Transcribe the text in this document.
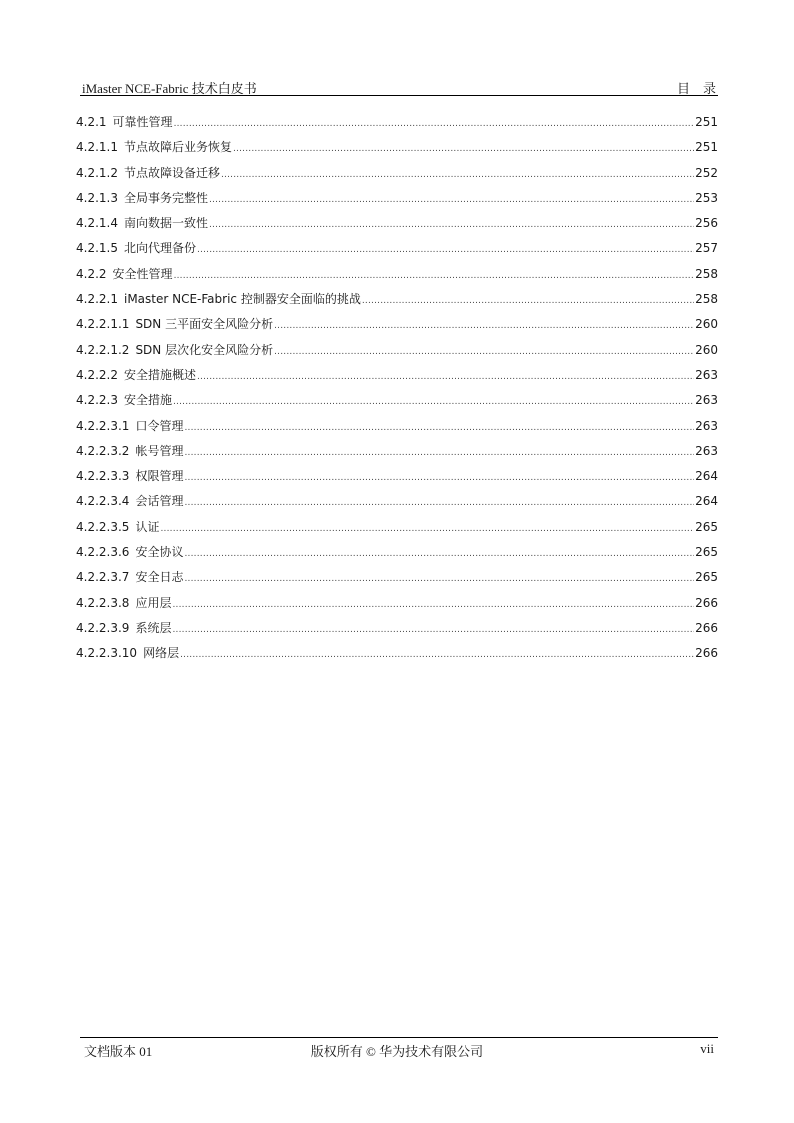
iMaster NCE-Fabric 技术白皮书	目录
4.2.1 可靠性管理 .....	251
4.2.1.1 节点故障后业务恢复 .....	251
4.2.1.2 节点故障设备迁移 .....	252
4.2.1.3 全局事务完整性 .....	253
4.2.1.4 南向数据一致性 .....	256
4.2.1.5 北向代理备份 .....	257
4.2.2 安全性管理 .....	258
4.2.2.1 iMaster NCE-Fabric 控制器安全面临的挑战 .....	258
4.2.2.1.1 SDN 三平面安全风险分析 .....	260
4.2.2.1.2 SDN 层次化安全风险分析 .....	260
4.2.2.2 安全措施概述 .....	263
4.2.2.3 安全措施 .....	263
4.2.2.3.1 口令管理 .....	263
4.2.2.3.2 帐号管理 .....	263
4.2.2.3.3 权限管理 .....	264
4.2.2.3.4 会话管理 .....	264
4.2.2.3.5 认证 .....	265
4.2.2.3.6 安全协议 .....	265
4.2.2.3.7 安全日志 .....	265
4.2.2.3.8 应用层 .....	266
4.2.2.3.9 系统层 .....	266
4.2.2.3.10 网络层 .....	266
文档版本 01	版权所有 © 华为技术有限公司	vii
